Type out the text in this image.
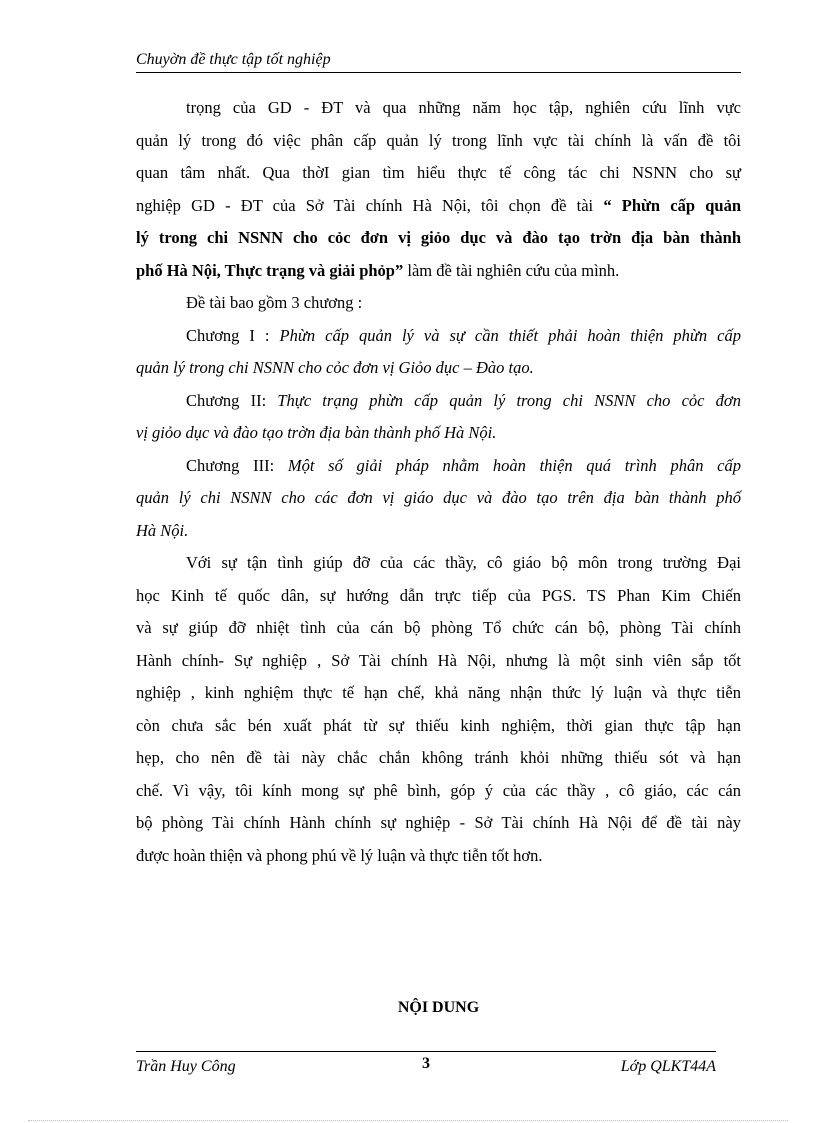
Chuyờn đề thực tập tốt nghiệp
trọng của GD - ĐT và qua những năm học tập, nghiên cứu lĩnh vực
quản lý trong đó việc phân cấp quản lý trong lĩnh vực tài chính là vấn đề tôi
quan tâm nhất. Qua thờI gian tìm hiểu thực tế công tác chi NSNN cho sự
nghiệp GD - ĐT của Sở Tài chính Hà Nội, tôi chọn đề tài “ Phừn cấp quản
lý trong chi NSNN cho cỏc đơn vị giỏo dục và đào tạo trờn địa bàn thành
phố Hà Nội, Thực trạng và giải phỏp” làm đề tài nghiên cứu của mình.
Đề tài bao gồm 3 chương :
Chương I : Phừn cấp quản lý và sự cần thiết phải hoàn thiện phừn cấp
quản lý trong chi NSNN cho cỏc đơn vị Giỏo dục – Đào tạo.
Chương II: Thực trạng phừn cấp quản lý trong chi NSNN cho cỏc đơn
vị giỏo dục và đào tạo trờn địa bàn thành phố Hà Nội.
Chương III: Một số giải pháp nhằm hoàn thiện quá trình phân cấp
quản lý chi NSNN cho các đơn vị giáo dục và đào tạo trên địa bàn thành phố
Hà Nội.
Với sự tận tình giúp đỡ của các thầy, cô giáo bộ môn trong trường Đại
học Kinh tế quốc dân, sự hướng dẫn trực tiếp của PGS. TS Phan Kim Chiến
và sự giúp đỡ nhiệt tình của cán bộ phòng Tổ chức cán bộ, phòng Tài chính
Hành chính- Sự nghiệp , Sở Tài chính Hà Nội, nhưng là một sinh viên sắp tốt
nghiệp , kinh nghiệm thực tế hạn chế, khả năng nhận thức lý luận và thực tiễn
còn chưa sắc bén xuất phát từ sự thiếu kinh nghiệm, thời gian thực tập hạn
hẹp, cho nên đề tài này chắc chắn không tránh khỏi những thiếu sót và hạn
chế. Vì vậy, tôi kính mong sự phê bình, góp ý của các thầy , cô giáo, các cán
bộ phòng Tài chính Hành chính sự nghiệp - Sở Tài chính Hà Nội để đề tài này
được hoàn thiện và phong phú về lý luận và thực tiễn tốt hơn.
NỘI DUNG
Trần Huy Công	3	Lớp QLKT44A
